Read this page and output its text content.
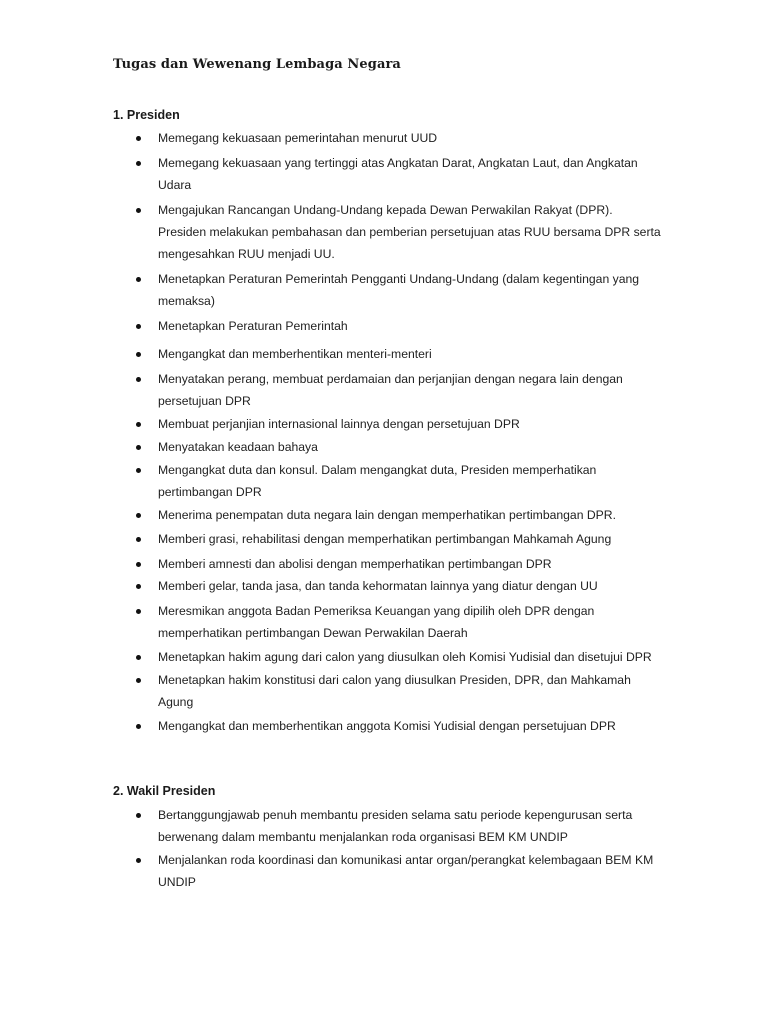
Tugas dan Wewenang Lembaga Negara
1. Presiden
Memegang kekuasaan pemerintahan menurut UUD
Memegang kekuasaan yang tertinggi atas Angkatan Darat, Angkatan Laut, dan Angkatan Udara
Mengajukan Rancangan Undang-Undang kepada Dewan Perwakilan Rakyat (DPR). Presiden melakukan pembahasan dan pemberian persetujuan atas RUU bersama DPR serta mengesahkan RUU menjadi UU.
Menetapkan Peraturan Pemerintah Pengganti Undang-Undang (dalam kegentingan yang memaksa)
Menetapkan Peraturan Pemerintah
Mengangkat dan memberhentikan menteri-menteri
Menyatakan perang, membuat perdamaian dan perjanjian dengan negara lain dengan persetujuan DPR
Membuat perjanjian internasional lainnya dengan persetujuan DPR
Menyatakan keadaan bahaya
Mengangkat duta dan konsul. Dalam mengangkat duta, Presiden memperhatikan pertimbangan DPR
Menerima penempatan duta negara lain dengan memperhatikan pertimbangan DPR.
Memberi grasi, rehabilitasi dengan memperhatikan pertimbangan Mahkamah Agung
Memberi amnesti dan abolisi dengan memperhatikan pertimbangan DPR
Memberi gelar, tanda jasa, dan tanda kehormatan lainnya yang diatur dengan UU
Meresmikan anggota Badan Pemeriksa Keuangan yang dipilih oleh DPR dengan memperhatikan pertimbangan Dewan Perwakilan Daerah
Menetapkan hakim agung dari calon yang diusulkan oleh Komisi Yudisial dan disetujui DPR
Menetapkan hakim konstitusi dari calon yang diusulkan Presiden, DPR, dan Mahkamah Agung
Mengangkat dan memberhentikan anggota Komisi Yudisial dengan persetujuan DPR
2. Wakil Presiden
Bertanggungjawab penuh membantu presiden selama satu periode kepengurusan serta berwenang dalam membantu menjalankan roda organisasi BEM KM UNDIP
Menjalankan roda koordinasi dan komunikasi antar organ/perangkat kelembagaan BEM KM UNDIP
